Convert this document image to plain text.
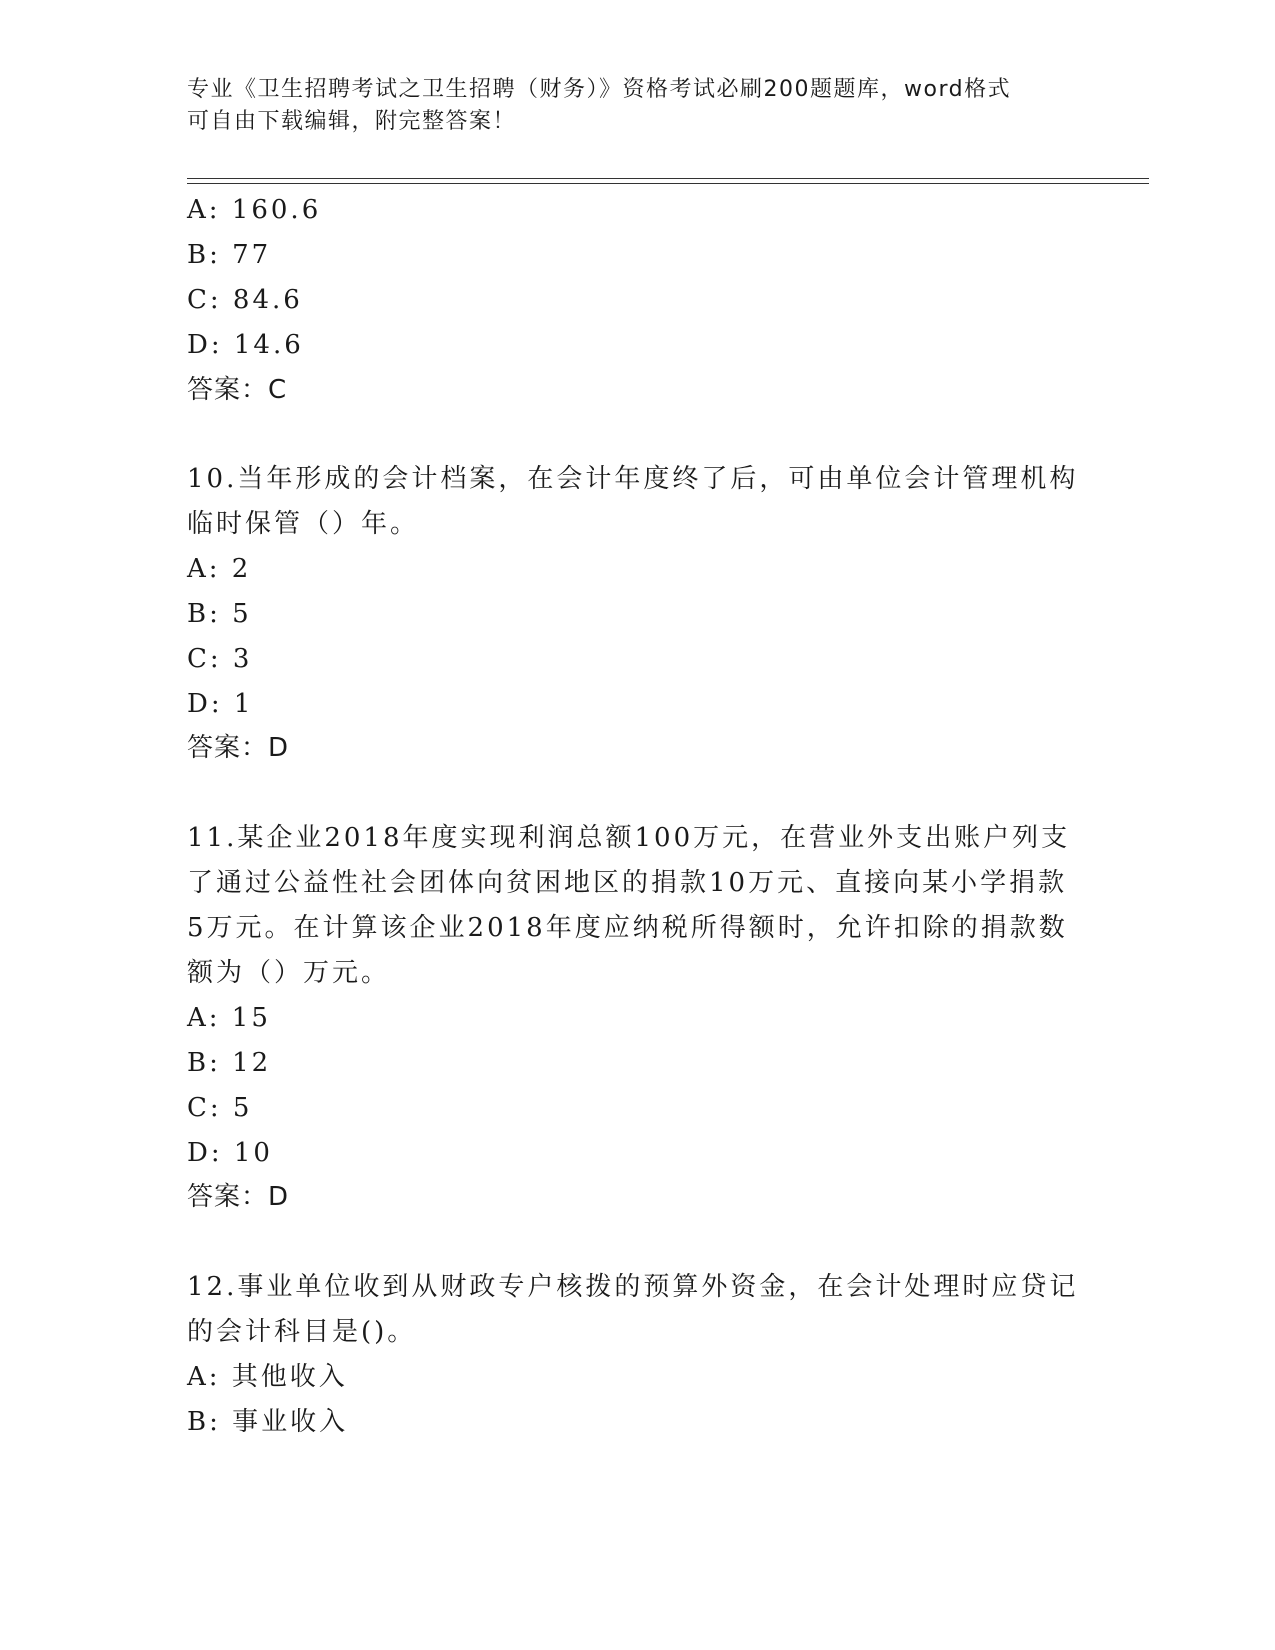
专业《卫生招聘考试之卫生招聘（财务）》资格考试必刷200题题库，word格式
可自由下载编辑，附完整答案！
A: 160.6
B: 77
C: 84.6
D: 14.6
答案：C
10.当年形成的会计档案，在会计年度终了后，可由单位会计管理机构
临时保管（）年。
A: 2
B: 5
C: 3
D: 1
答案：D
11.某企业2018年度实现利润总额100万元，在营业外支出账户列支
了通过公益性社会团体向贫困地区的捐款10万元、直接向某小学捐款
5万元。在计算该企业2018年度应纳税所得额时，允许扣除的捐款数
额为（）万元。
A: 15
B: 12
C: 5
D: 10
答案：D
12.事业单位收到从财政专户核拨的预算外资金，在会计处理时应贷记
的会计科目是()。
A: 其他收入
B: 事业收入
